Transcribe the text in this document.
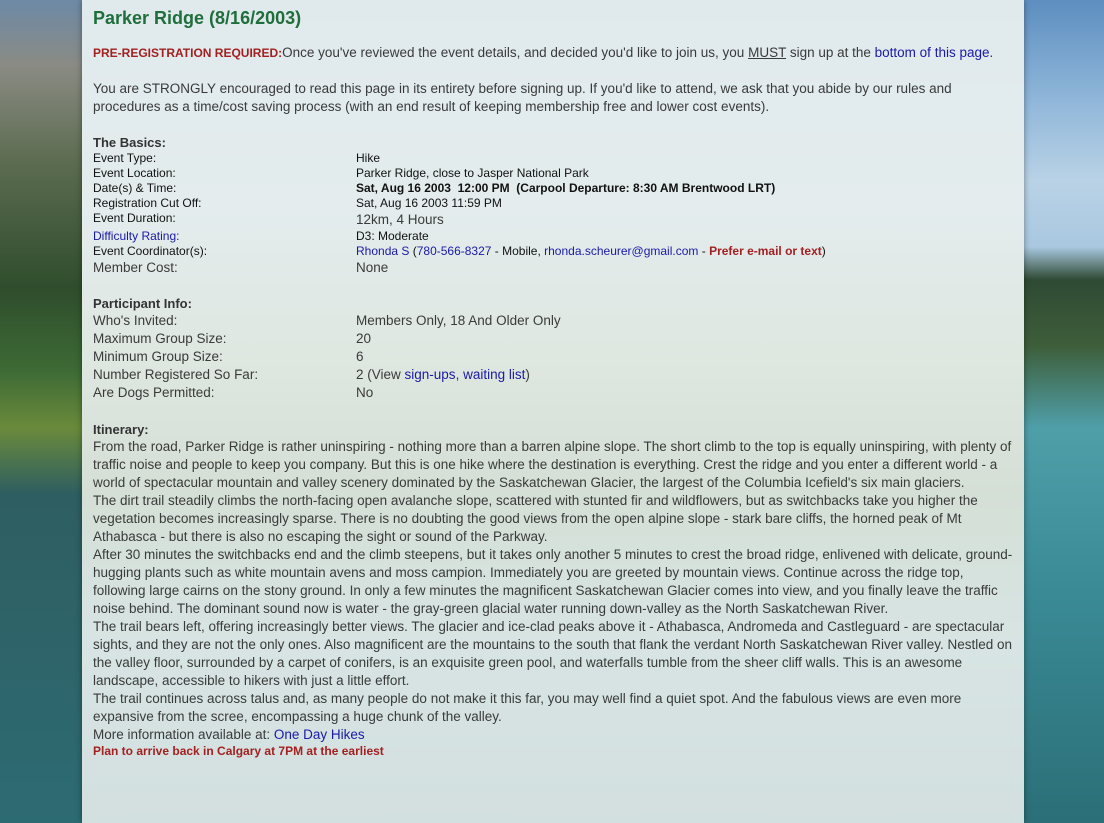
Parker Ridge (8/16/2003)

PRE-REGISTRATION REQUIRED:Once you've reviewed the event details, and decided you'd like to join us, you MUST sign up at the bottom of this page.

You are STRONGLY encouraged to read this page in its entirety before signing up. If you'd like to attend, we ask that you abide by our rules and procedures as a time/cost saving process (with an end result of keeping membership free and lower cost events).

The Basics:
Event Type:	Hike
Event Location:	Parker Ridge, close to Jasper National Park
Date(s) & Time:	Sat, Aug 16 2003  12:00 PM  (Carpool Departure: 8:30 AM Brentwood LRT)
Registration Cut Off:	Sat, Aug 16 2003 11:59 PM
Event Duration:	12km, 4 Hours
Difficulty Rating:	D3: Moderate
Event Coordinator(s):	Rhonda S (780-566-8327 - Mobile, rhonda.scheurer@gmail.com - Prefer e-mail or text)
Member Cost:	None
Participant Info:
Who's Invited:	Members Only, 18 And Older Only
Maximum Group Size:	20
Minimum Group Size:	6
Number Registered So Far:	2 (View sign-ups, waiting list)
Are Dogs Permitted:	No
Itinerary:

From the road, Parker Ridge is rather uninspiring - nothing more than a barren alpine slope. The short climb to the top is equally uninspiring, with plenty of traffic noise and people to keep you company. But this is one hike where the destination is everything. Crest the ridge and you enter a different world - a world of spectacular mountain and valley scenery dominated by the Saskatchewan Glacier, the largest of the Columbia Icefield's six main glaciers.

The dirt trail steadily climbs the north-facing open avalanche slope, scattered with stunted fir and wildflowers, but as switchbacks take you higher the vegetation becomes increasingly sparse. There is no doubting the good views from the open alpine slope - stark bare cliffs, the horned peak of Mt Athabasca - but there is also no escaping the sight or sound of the Parkway.

After 30 minutes the switchbacks end and the climb steepens, but it takes only another 5 minutes to crest the broad ridge, enlivened with delicate, ground-hugging plants such as white mountain avens and moss campion. Immediately you are greeted by mountain views. Continue across the ridge top, following large cairns on the stony ground. In only a few minutes the magnificent Saskatchewan Glacier comes into view, and you finally leave the traffic noise behind. The dominant sound now is water - the gray-green glacial water running down-valley as the North Saskatchewan River.

The trail bears left, offering increasingly better views. The glacier and ice-clad peaks above it - Athabasca, Andromeda and Castleguard - are spectacular sights, and they are not the only ones. Also magnificent are the mountains to the south that flank the verdant North Saskatchewan River valley. Nestled on the valley floor, surrounded by a carpet of conifers, is an exquisite green pool, and waterfalls tumble from the sheer cliff walls. This is an awesome landscape, accessible to hikers with just a little effort.

The trail continues across talus and, as many people do not make it this far, you may well find a quiet spot. And the fabulous views are even more expansive from the scree, encompassing a huge chunk of the valley.

More information available at: One Day Hikes

Plan to arrive back in Calgary at 7PM at the earliest
